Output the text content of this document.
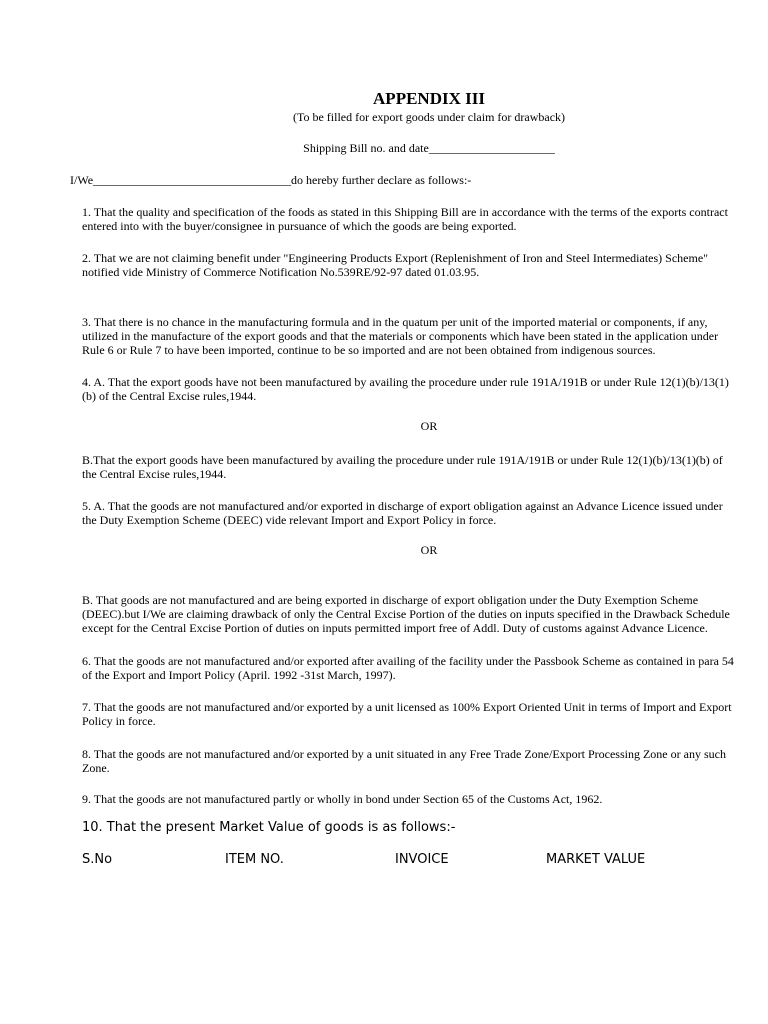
APPENDIX III
(To be filled for export goods under claim for drawback)
Shipping Bill no. and date_____________________
I/We_________________________________do hereby further declare as follows:-
1. That the quality and specification of the foods as stated in this Shipping Bill are in accordance with the terms of the exports contract
entered into with the buyer/consignee in pursuance of which the goods are being exported.
2. That we are not claiming benefit under "Engineering Products Export (Replenishment of Iron and Steel Intermediates) Scheme"
notified vide Ministry of Commerce Notification No.539RE/92-97 dated 01.03.95.
3. That there is no chance in the manufacturing formula and in the quatum per unit of the imported material or components, if any,
utilized in the manufacture of the export goods and that the materials or components which have been stated in the application under
Rule 6 or Rule 7 to have been imported, continue to be so imported and are not been obtained from indigenous sources.
4. A. That the export goods have not been manufactured by availing the procedure under rule 191A/191B or under Rule 12(1)(b)/13(1)
(b) of the Central Excise rules,1944.
OR
B.That the export goods have been manufactured by availing the procedure under rule 191A/191B or under Rule 12(1)(b)/13(1)(b) of
the Central Excise rules,1944.
5. A. That the goods are not manufactured and/or exported in discharge of export obligation against an Advance Licence issued under
the Duty Exemption Scheme (DEEC) vide relevant Import and Export Policy in force.
OR
B. That goods are not manufactured and are being exported in discharge of export obligation under the Duty Exemption Scheme
(DEEC).but I/We are claiming drawback of only the Central Excise Portion of the duties on inputs specified in the Drawback Schedule
except for the Central Excise Portion of duties on inputs permitted import free of Addl. Duty of customs against Advance Licence.
6. That the goods are not manufactured and/or exported after availing of the facility under the Passbook Scheme as contained in para 54
of the Export and Import Policy (April. 1992 -31st March, 1997).
7. That the goods are not manufactured and/or exported by a unit licensed as 100% Export Oriented Unit in terms of Import and Export
Policy in force.
8. That the goods are not manufactured and/or exported by a unit situated in any Free Trade Zone/Export Processing Zone or any such
Zone.
9. That the goods are not manufactured partly or wholly in bond under Section 65 of the Customs Act, 1962.
10. That the present Market Value of goods is as follows:-
S.No	ITEM NO.	INVOICE	MARKET VALUE
